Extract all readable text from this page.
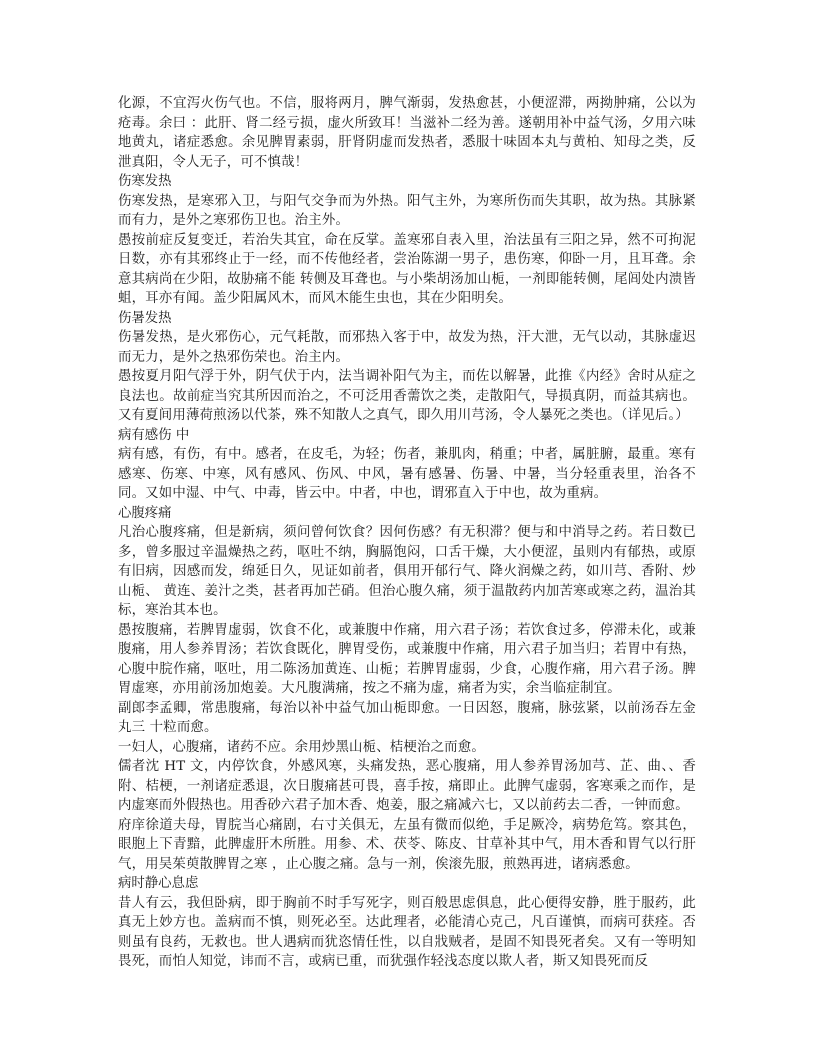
化源，不宜泻火伤气也。不信，服将两月，脾气渐弱，发热愈甚，小便涩滞，两拗肿痛，公以为疮毒。余曰 ：此肝、肾二经亏损，虚火所致耳！当滋补二经为善。遂朝用补中益气汤，夕用六味地黄丸，诸症悉愈。余见脾胃素弱，肝肾阴虚而发热者，悉服十味固本丸与黄柏、知母之类，反泄真阳，令人无子，可不慎哉！
伤寒发热

伤寒发热，是寒邪入卫，与阳气交争而为外热。阳气主外，为寒所伤而失其职，故为热。其脉紧而有力，是外之寒邪伤卫也。治主外。

愚按前症反复变迁，若治失其宜，命在反掌。盖寒邪自表入里，治法虽有三阳之异，然不可拘泥日数，亦有其邪终止于一经，而不传他经者，尝治陈湖一男子，患伤寒，仰卧一月，且耳聋。余意其病尚在少阳，故胁痛不能 转侧及耳聋也。与小柴胡汤加山栀，一剂即能转侧，尾闾处内溃皆蛆，耳亦有闻。盖少阳属风木，而风木能生虫也，其在少阳明矣。

伤暑发热

伤暑发热，是火邪伤心，元气耗散，而邪热入客于中，故发为热，汗大泄，无气以动，其脉虚迟而无力，是外之热邪伤荣也。治主内。

愚按夏月阳气浮于外，阴气伏于内，法当调补阳气为主，而佐以解暑，此推《内经》舍时从症之良法也。故前症当究其所因而治之，不可泛用香薷饮之类，走散阳气，导损真阴，而益其病也。又有夏间用薄荷煎汤以代茶，殊不知散人之真气，即久用川芎汤，令人暴死之类也。（详见后。）

病有感伤 中

病有感，有伤，有中。感者，在皮毛，为轻；伤者，兼肌肉，稍重；中者，属脏腑，最重。寒有感寒、伤寒、中寒，风有感风、伤风、中风，暑有感暑、伤暑、中暑，当分轻重表里，治各不同。又如中湿、中气、中毒，皆云中。中者，中也，谓邪直入于中也，故为重病。

心腹疼痛

凡治心腹疼痛，但是新病，须问曾何饮食？因何伤感？有无积滞？便与和中消导之药。若日数已多，曾多服过辛温燥热之药，呕吐不纳，胸膈饱闷，口舌干燥，大小便涩，虽则内有郁热，或原有旧病，因感而发，绵延日久，见证如前者，俱用开郁行气、降火润燥之药，如川芎、香附、炒山栀、 黄连、姜汁之类，甚者再加芒硝。但治心腹久痛，须于温散药内加苦寒或寒之药，温治其标，寒治其本也。

愚按腹痛，若脾胃虚弱，饮食不化，或兼腹中作痛，用六君子汤；若饮食过多，停滞未化，或兼腹痛，用人参养胃汤；若饮食既化，脾胃受伤，或兼腹中作痛，用六君子加当归；若胃中有热，心腹中脘作痛，呕吐，用二陈汤加黄连、山栀；若脾胃虚弱，少食，心腹作痛，用六君子汤。脾胃虚寒，亦用前汤加炮姜。大凡腹满痛，按之不痛为虚，痛者为实，余当临症制宜。

副郎李孟卿，常患腹痛，每治以补中益气加山栀即愈。一日因怒，腹痛，脉弦紧，以前汤吞左金丸三 十粒而愈。

一妇人，心腹痛，诸药不应。余用炒黑山栀、桔梗治之而愈。

儒者沈 HT 文，内停饮食，外感风寒，头痛发热，恶心腹痛，用人参养胃汤加芎、芷、曲、、香附、桔梗，一剂诸症悉退，次日腹痛甚可畏，喜手按，痛即止。此脾气虚弱，客寒乘之而作，是内虚寒而外假热也。用香砂六君子加木香、炮姜，服之痛减六七，又以前药去二香，一钟而愈。

府庠徐道夫母，胃脘当心痛剧，右寸关俱无，左虽有微而似绝，手足厥冷，病势危笃。察其色，眼胞上下青黯，此脾虚肝木所胜。用参、术、茯苓、陈皮、甘草补其中气，用木香和胃气以行肝气，用吴茱萸散脾胃之寒 ，止心腹之痛。急与一剂，俟滚先服，煎熟再进，诸病悉愈。

病时静心息虑

昔人有云，我但卧病，即于胸前不时手写死字，则百般思虑俱息，此心便得安静，胜于服药，此真无上妙方也。盖病而不慎，则死必至。达此理者，必能清心克己，凡百谨慎，而病可获痊。否则虽有良药，无救也。世人遇病而犹恣情任性，以自戕贼者，是固不知畏死者矣。又有一等明知畏死，而怕人知觉，讳而不言，或病已重，而犹强作轻浅态度以欺人者，斯又知畏死而反
